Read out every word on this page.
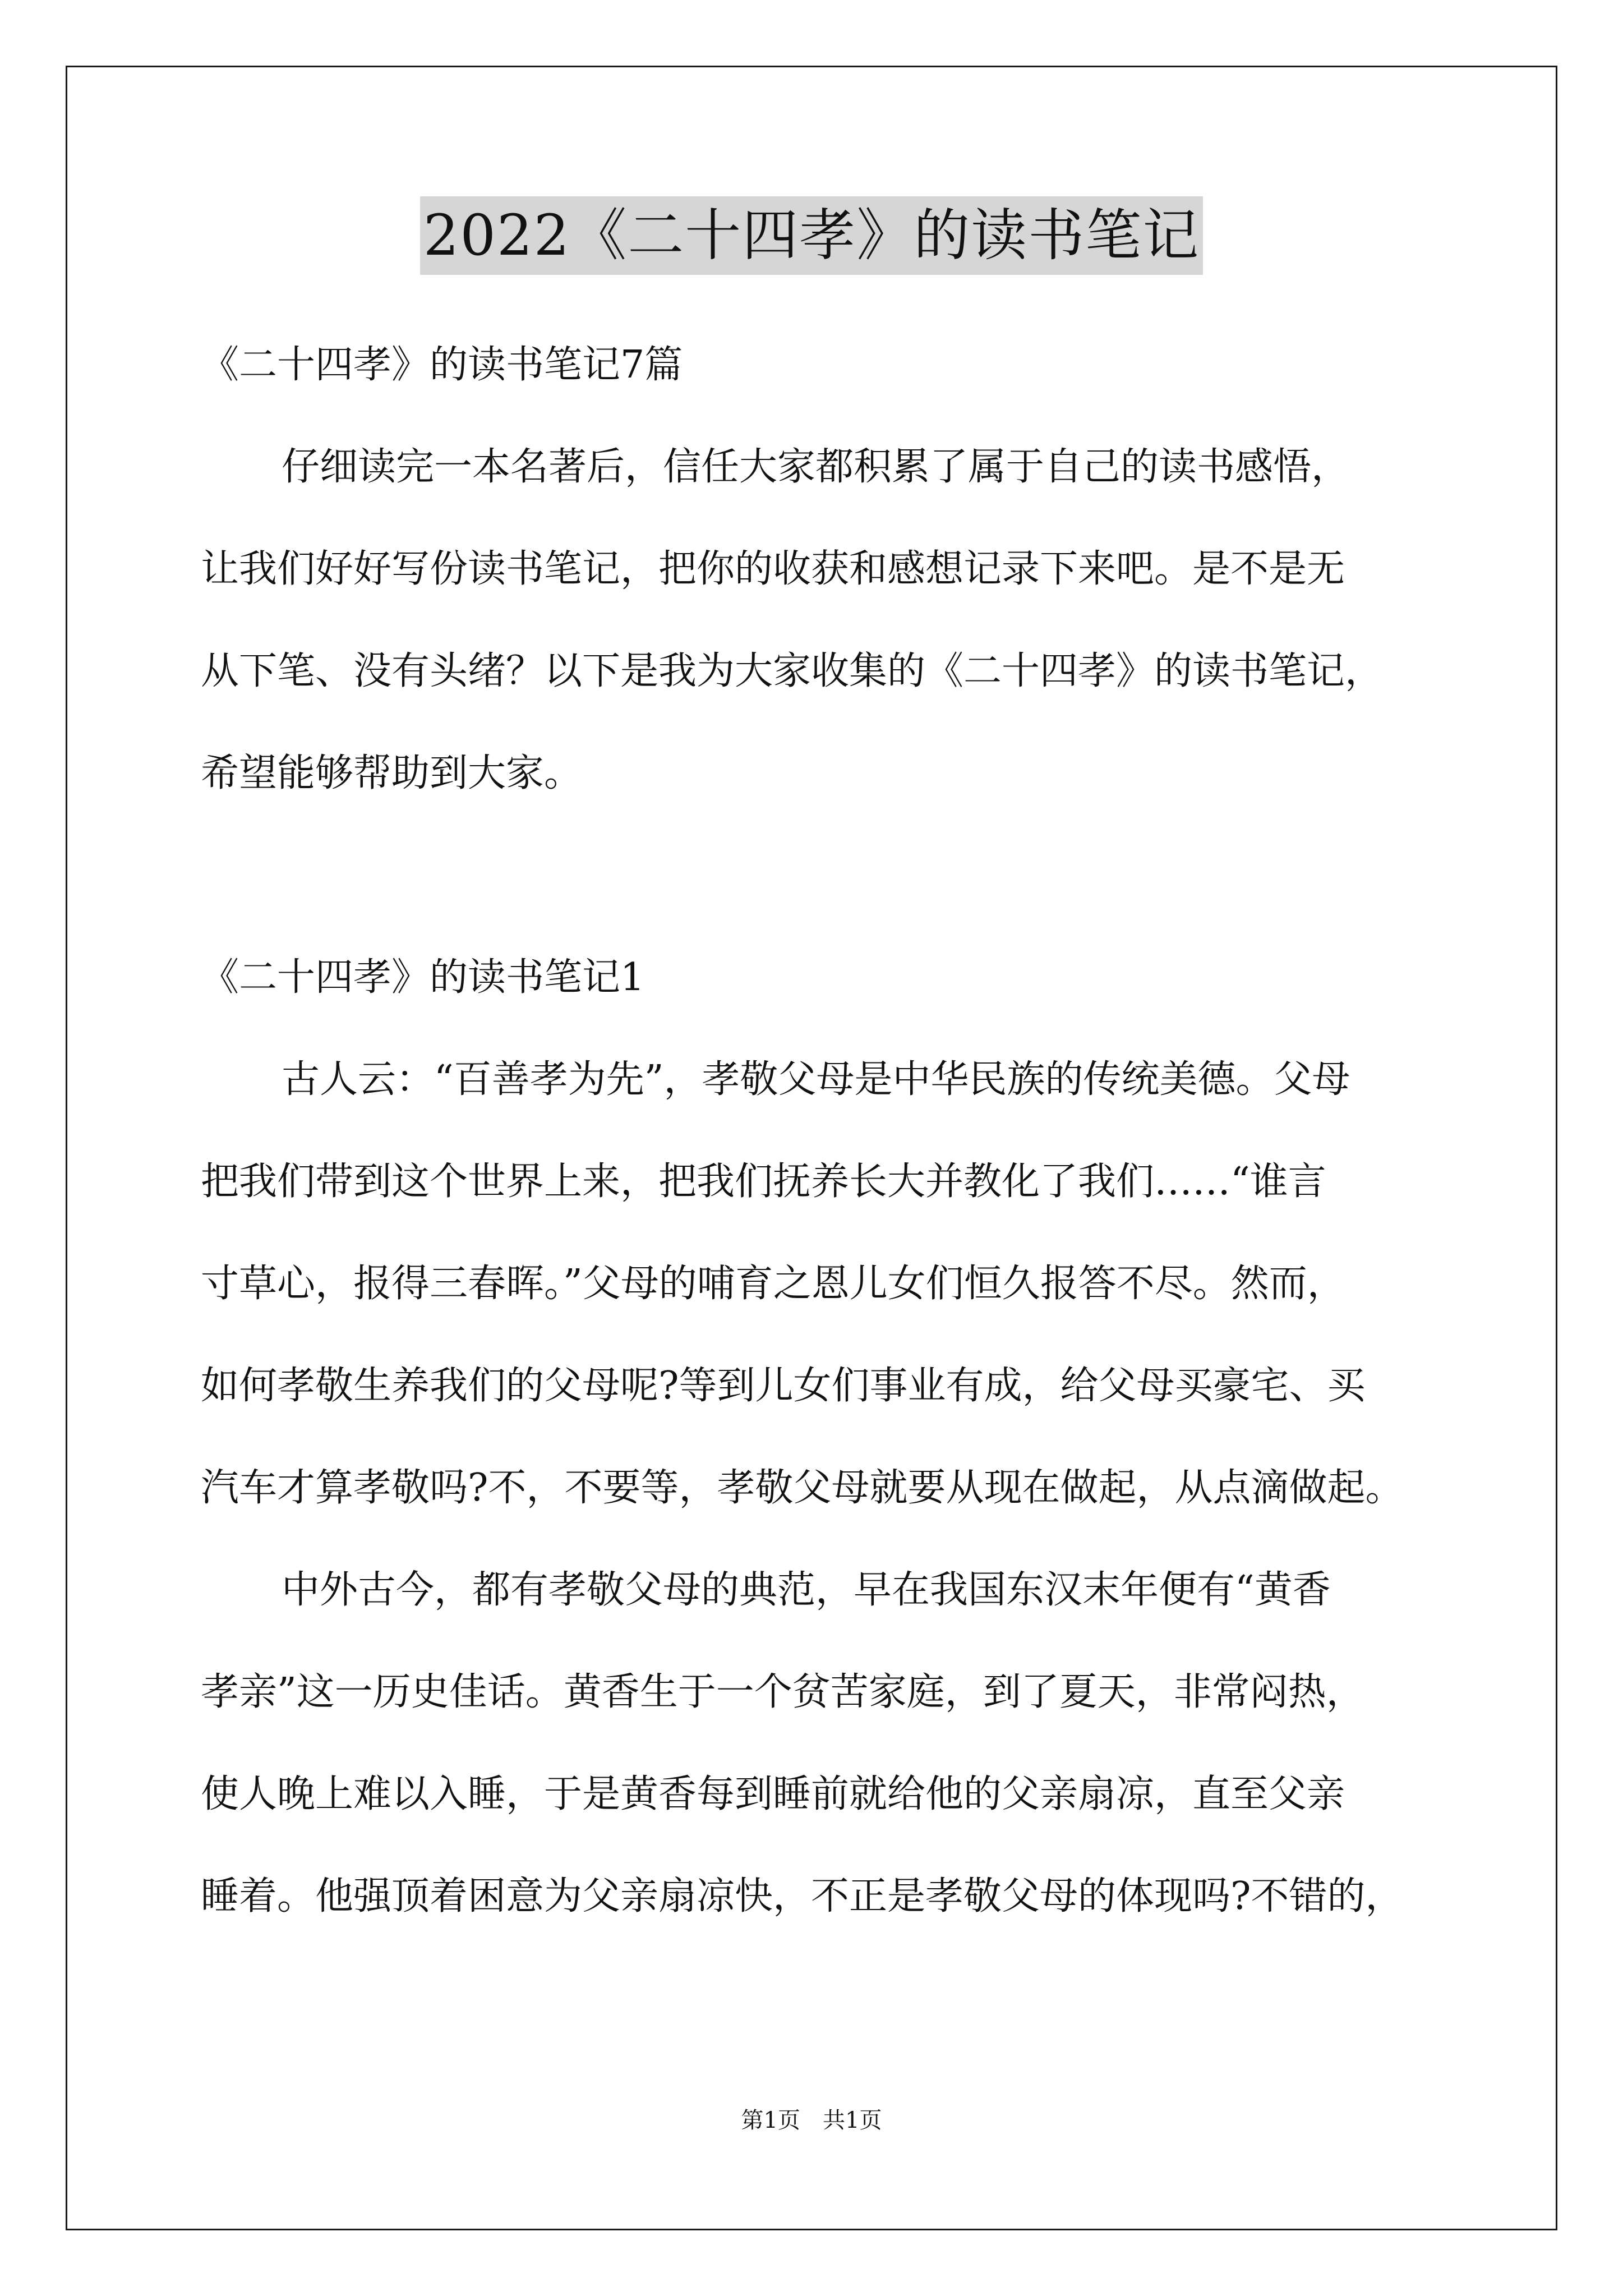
2022《二十四孝》的读书笔记

《二十四孝》的读书笔记7篇

仔细读完一本名著后，信任大家都积累了属于自己的读书感悟，

让我们好好写份读书笔记，把你的收获和感想记录下来吧。是不是无

从下笔、没有头绪？以下是我为大家收集的《二十四孝》的读书笔记，

希望能够帮助到大家。

《二十四孝》的读书笔记1

古人云：“百善孝为先”，孝敬父母是中华民族的传统美德。父母

把我们带到这个世界上来，把我们抚养长大并教化了我们……“谁言

寸草心，报得三春晖。”父母的哺育之恩儿女们恒久报答不尽。然而，

如何孝敬生养我们的父母呢?等到儿女们事业有成，给父母买豪宅、买

汽车才算孝敬吗?不，不要等，孝敬父母就要从现在做起，从点滴做起。

中外古今，都有孝敬父母的典范，早在我国东汉末年便有“黄香

孝亲”这一历史佳话。黄香生于一个贫苦家庭，到了夏天，非常闷热，

使人晚上难以入睡，于是黄香每到睡前就给他的父亲扇凉，直至父亲

睡着。他强顶着困意为父亲扇凉快，不正是孝敬父母的体现吗?不错的，

第1页　共1页
